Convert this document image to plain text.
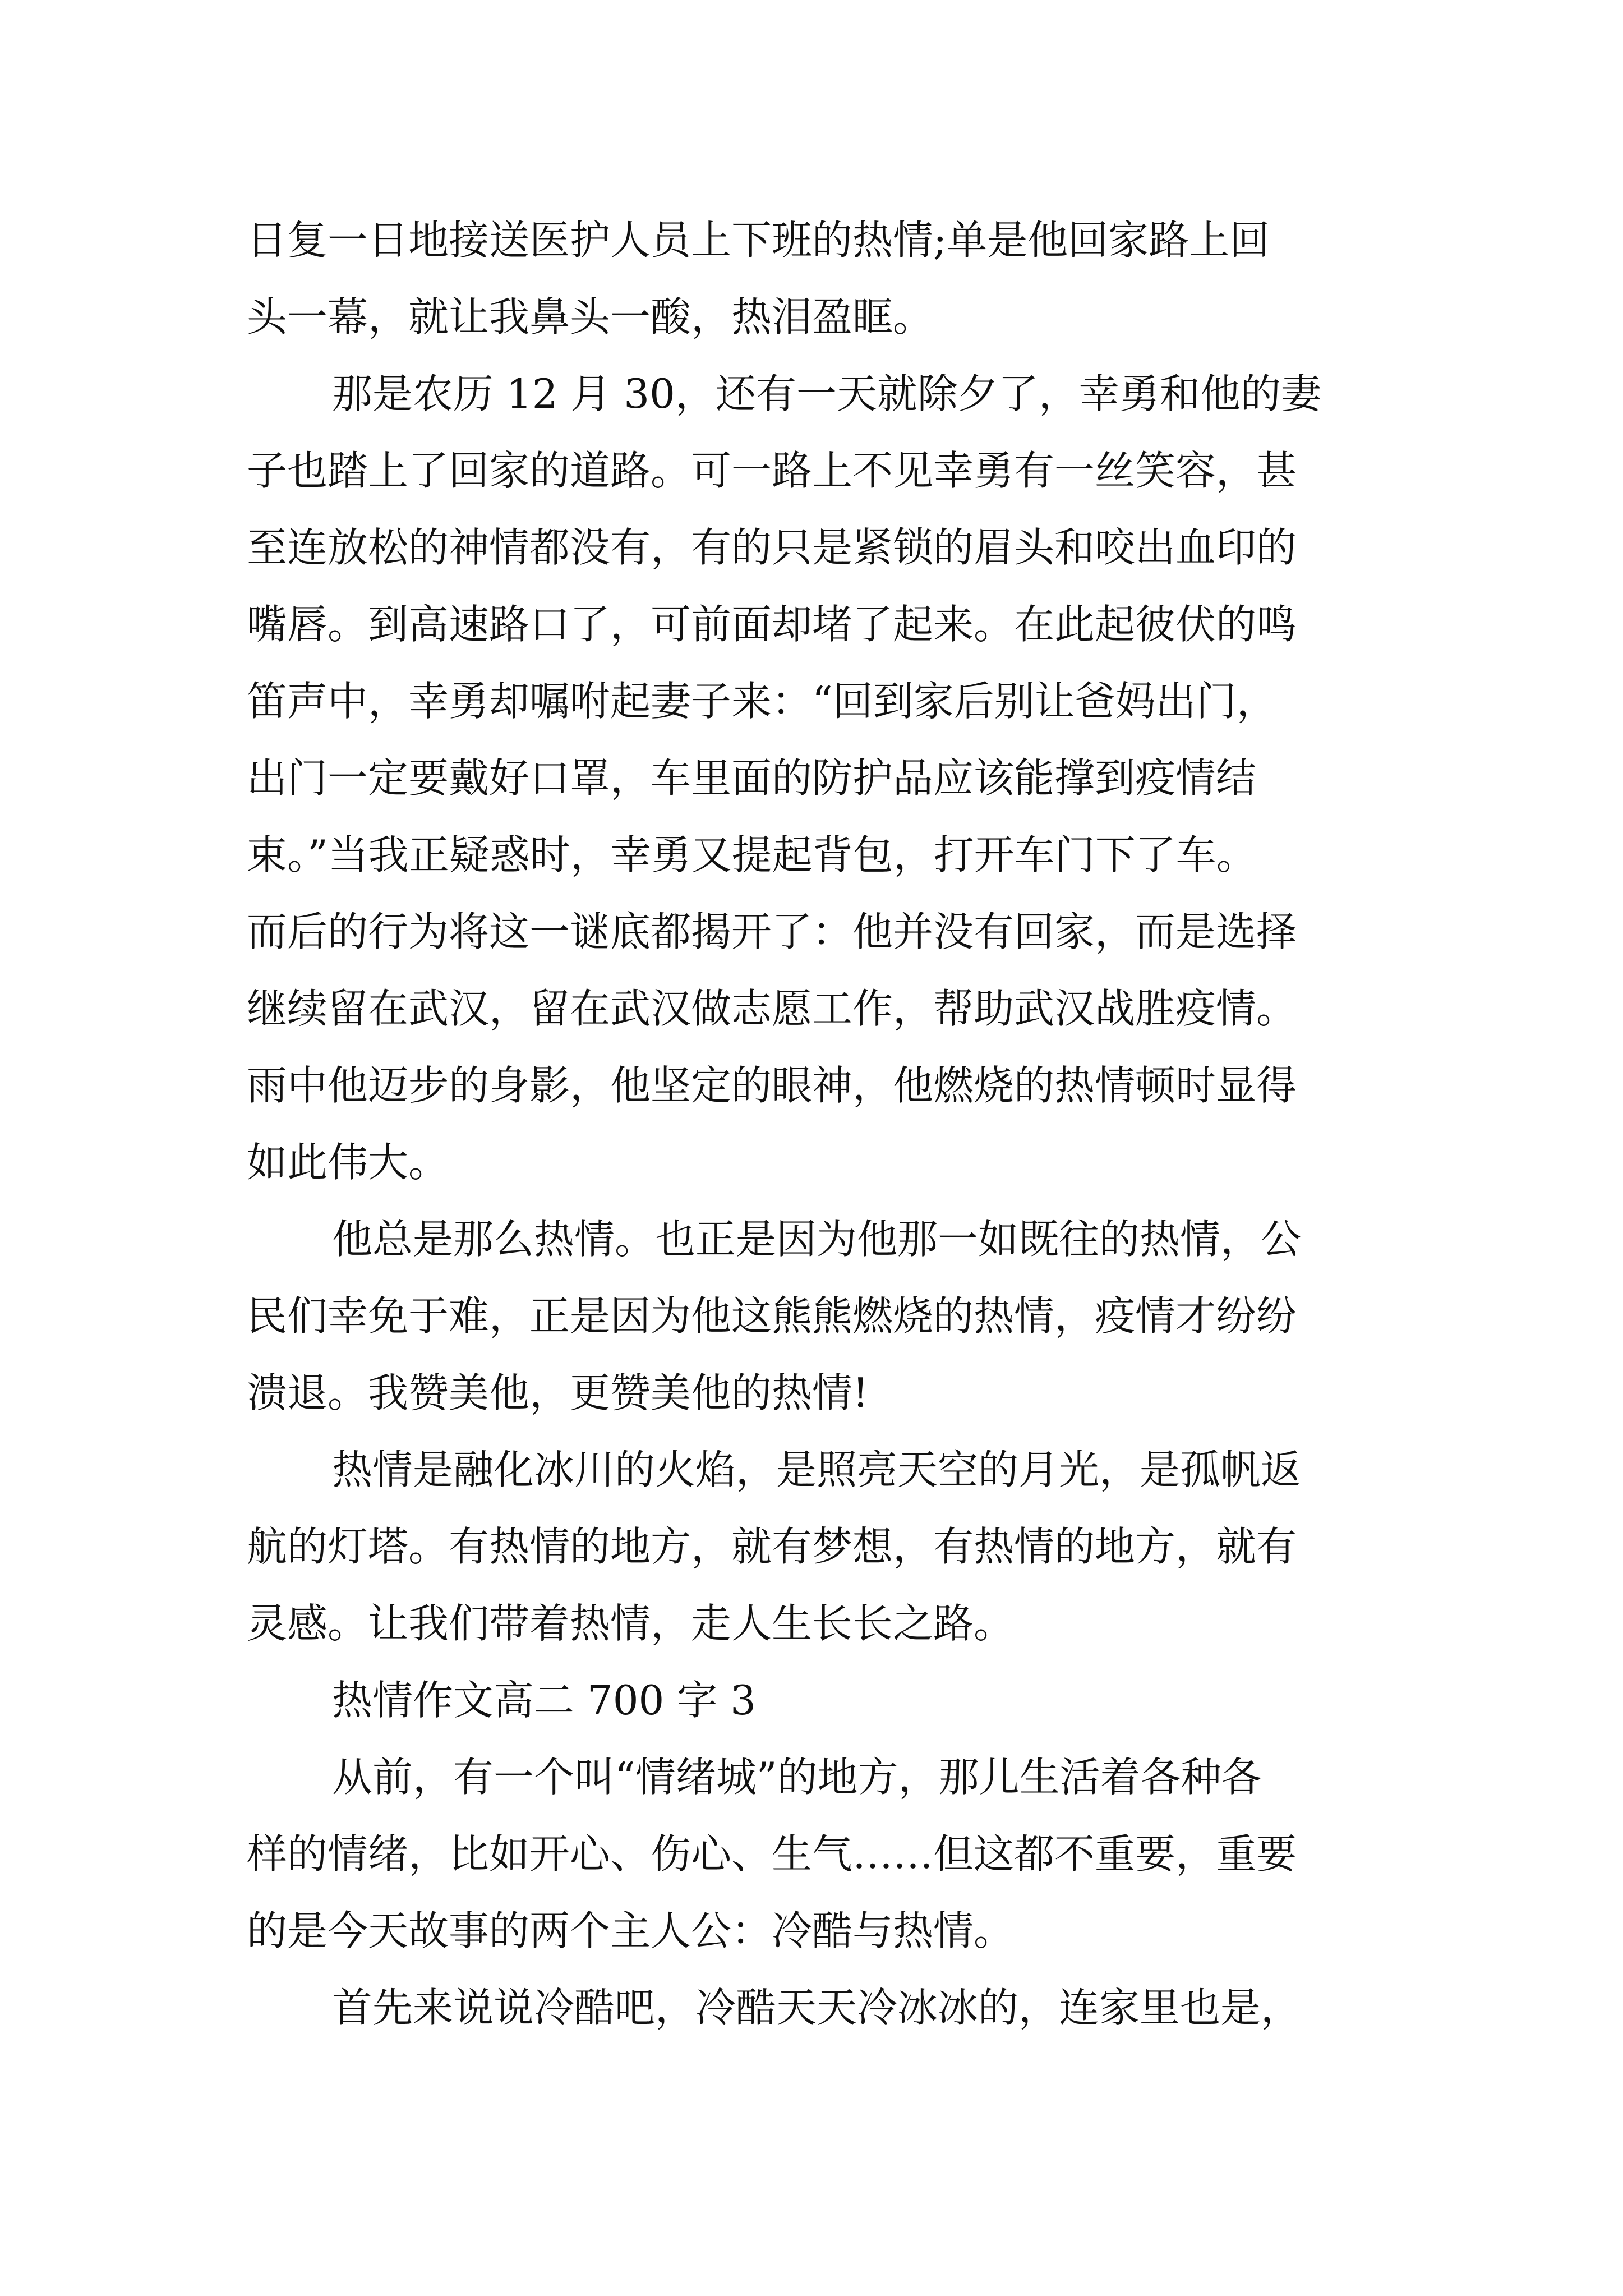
日复一日地接送医护人员上下班的热情;单是他回家路上回
头一幕，就让我鼻头一酸，热泪盈眶。
那是农历 12 月 30，还有一天就除夕了，幸勇和他的妻
子也踏上了回家的道路。可一路上不见幸勇有一丝笑容，甚
至连放松的神情都没有，有的只是紧锁的眉头和咬出血印的
嘴唇。到高速路口了，可前面却堵了起来。在此起彼伏的鸣
笛声中，幸勇却嘱咐起妻子来：“回到家后别让爸妈出门，
出门一定要戴好口罩，车里面的防护品应该能撑到疫情结
束。”当我正疑惑时，幸勇又提起背包，打开车门下了车。
而后的行为将这一谜底都揭开了：他并没有回家，而是选择
继续留在武汉，留在武汉做志愿工作，帮助武汉战胜疫情。
雨中他迈步的身影，他坚定的眼神，他燃烧的热情顿时显得
如此伟大。
他总是那么热情。也正是因为他那一如既往的热情，公
民们幸免于难，正是因为他这熊熊燃烧的热情，疫情才纷纷
溃退。我赞美他，更赞美他的热情!
热情是融化冰川的火焰，是照亮天空的月光，是孤帆返
航的灯塔。有热情的地方，就有梦想，有热情的地方，就有
灵感。让我们带着热情，走人生长长之路。
热情作文高二 700 字 3
从前，有一个叫“情绪城”的地方，那儿生活着各种各
样的情绪，比如开心、伤心、生气……但这都不重要，重要
的是今天故事的两个主人公：冷酷与热情。
首先来说说冷酷吧，冷酷天天冷冰冰的，连家里也是，
